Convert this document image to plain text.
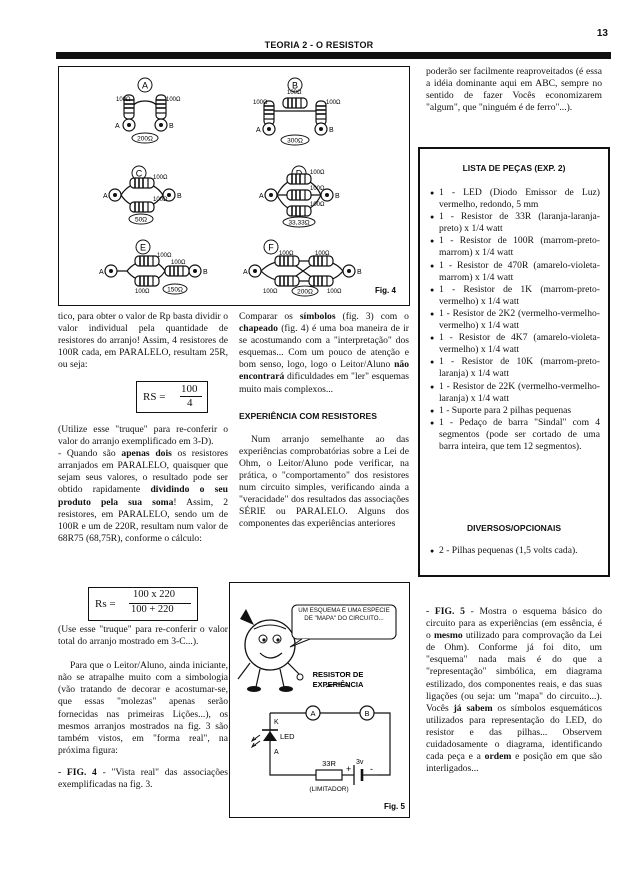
13
TEORIA 2 - O RESISTOR
A
100Ω	100Ω
A	B
200Ω
B
100Ω
100Ω
100Ω
A	B
300Ω
C 100Ω
100Ω
A	B
50Ω
100Ω
100Ω
100Ω
A	B
33,33Ω
E
100Ω
100Ω
100Ω
A	B
150Ω
F
100Ω	100Ω
100Ω	100Ω
A	B
200Ω	Fig. 4

tico, para obter o valor de Rp basta dividir o valor individual pela quantidade de resistores do arranjo! Assim, 4 resistores de 100R cada, em PARALELO, resultam 25R, ou seja:

RS =
100
4

(Utilize esse "truque" para re-conferir o valor do arranjo exemplificado em 3-D).

- Quando são apenas dois os resistores arranjados em PARALELO, quaisquer que sejam seus valores, o resultado pode ser obtido rapidamente dividindo o seu produto pela sua soma! Assim, 2 resistores, em PARALELO, sendo um de 100R e um de 220R, resultam num valor de 68R75 (68,75R), conforme o cálculo:

Rs =
100 x 220
100 + 220

(Use esse "truque" para re-conferir o valor total do arranjo mostrado em 3-C...).

Para que o Leitor/Aluno, ainda iniciante, não se atrapalhe muito com a simbologia (vão tratando de decorar e acostumar-se, que essas "molezas" apenas serão fornecidas nas primeiras Lições...), os mesmos arranjos mostrados na fig. 3 são também vistos, em "forma real", na próxima figura:

- FIG. 4 - "Vista real" das associações exemplificadas na fig. 3.

Comparar os símbolos (fig. 3) com o chapeado (fig. 4) é uma boa maneira de ir se acostumando com a "interpretação" dos esquemas... Com um pouco de atenção e bom senso, logo, logo o Leitor/Aluno não encontrará dificuldades em "ler" esquemas muito mais complexos...

EXPERIÊNCIA COM RESISTORES

Num arranjo semelhante ao das experiências comprobatórias sobre a Lei de Ohm, o Leitor/Aluno pode verificar, na prática, o "comportamento" dos resistores num circuito simples, verificando ainda a "veracidade" dos resultados das associações SÉRIE ou PARALELO. Alguns dos componentes das experiências anteriores

UM ESQUEMA É UMA ESPÉCIE DE "MAPA" DO CIRCUITO...
RESISTOR DE
EXPERIÊNCIA
A	B
K
A
LED
33R
(LIMITADOR)
+
3v
-
Fig. 5

poderão ser facilmente reaproveitados (é essa a idéia dominante aqui em ABC, sempre no sentido de fazer Vocês economizarem "algum", que "ninguém é de ferro"...).

LISTA DE PEÇAS (EXP. 2)
● 1 - LED (Diodo Emissor de Luz) vermelho, redondo, 5 mm
● 1 - Resistor de 33R (laranja-laranja-preto) x 1/4 watt
● 1 - Resistor de 100R (marrom-preto-marrom) x 1/4 watt
● 1 - Resistor de 470R (amarelo-violeta-marrom) x 1/4 watt
● 1 - Resistor de 1K (marrom-preto-vermelho) x 1/4 watt
● 1 - Resistor de 2K2 (vermelho-vermelho-vermelho) x 1/4 watt
● 1 - Resistor de 4K7 (amarelo-violeta-vermelho) x 1/4 watt
● 1 - Resistor de 10K (marrom-preto-laranja) x 1/4 watt
● 1 - Resistor de 22K (vermelho-vermelho-laranja) x 1/4 watt
● 1 - Suporte para 2 pilhas pequenas
● 1 - Pedaço de barra "Sindal" com 4 segmentos (pode ser cortado de uma barra inteira, que tem 12 segmentos).
DIVERSOS/OPCIONAIS
● 2 - Pilhas pequenas (1,5 volts cada).

- FIG. 5 - Mostra o esquema básico do circuito para as experiências (em essência, é o mesmo utilizado para comprovação da Lei de Ohm). Conforme já foi dito, um "esquema" nada mais é do que a "representação" simbólica, em diagrama estilizado, dos componentes reais, e das suas ligações (ou seja: um "mapa" do circuito...). Vocês já sabem os símbolos esquemáticos utilizados para representação do LED, do resistor e das pilhas... Observem cuidadosamente o diagrama, identificando cada peça e a ordem e posição em que são interligados...
